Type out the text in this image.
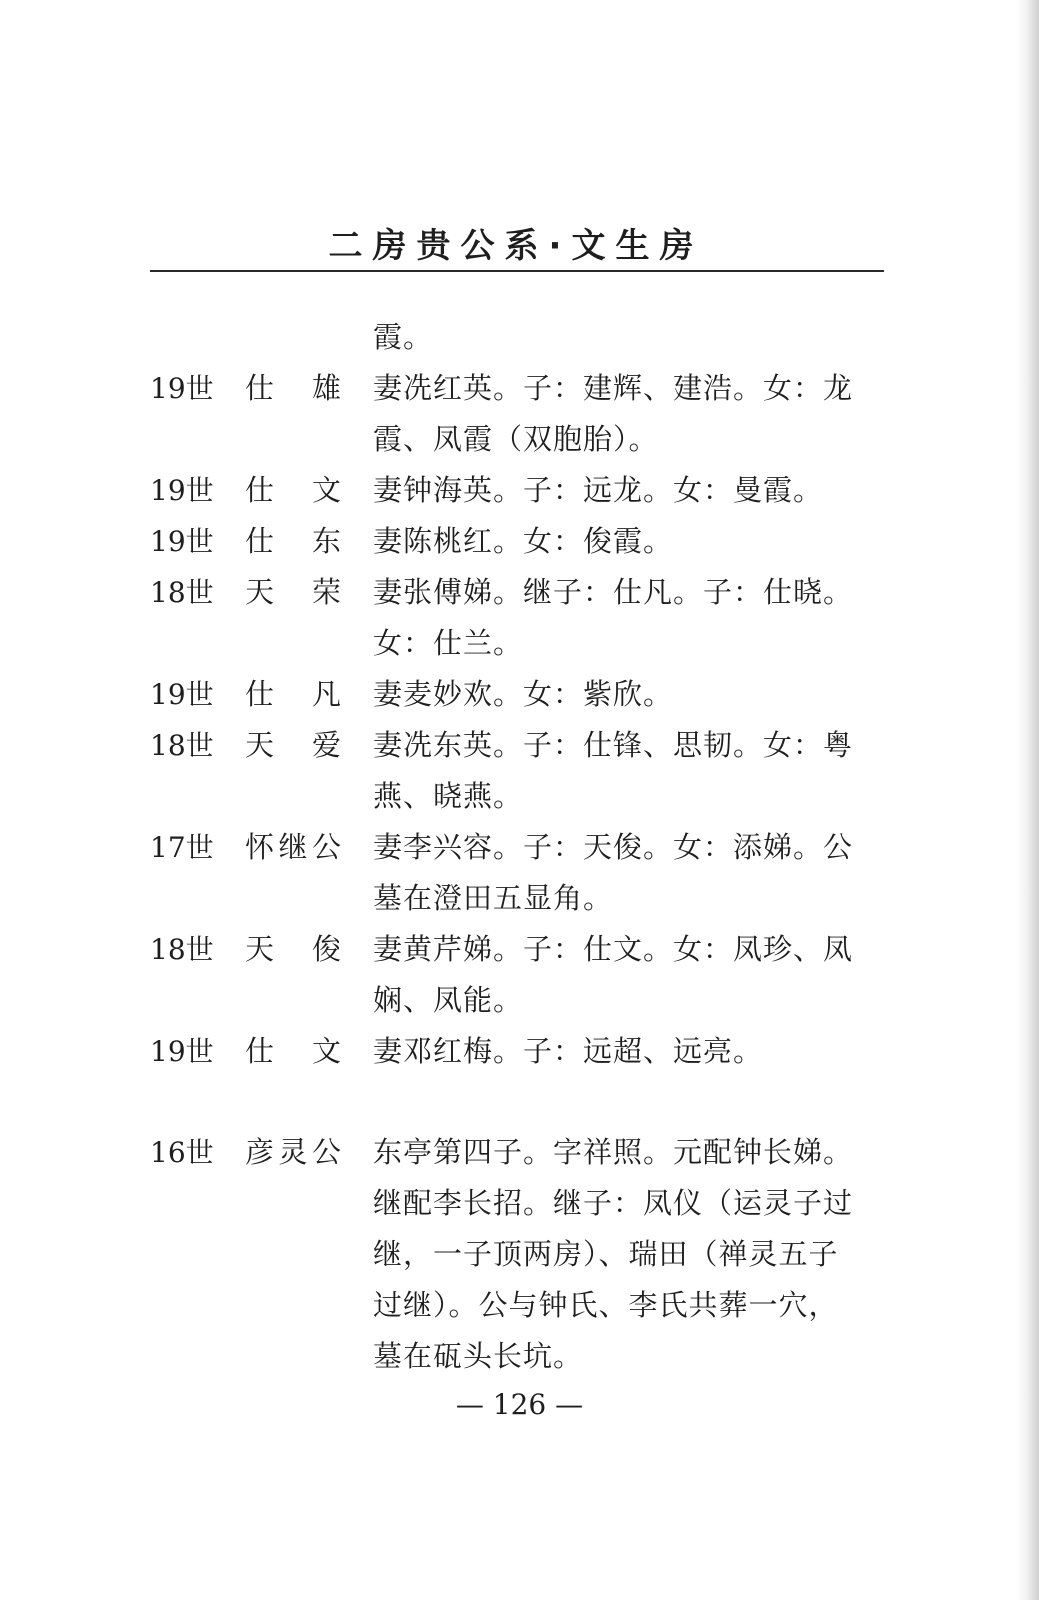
二房贵公系·文生房
霞。
19世	仕 雄 妻冼红英。子：建辉、建浩。女：龙
霞、凤霞（双胞胎）。
19世	仕 文 妻钟海英。子：远龙。女：曼霞。
19世	仕 东 妻陈桃红。女：俊霞。
18世	天 荣 妻张傅娣。继子：仕凡。子：仕晓。
女：仕兰。
19世	仕 凡 妻麦妙欢。女：紫欣。
18世	天 爱 妻冼东英。子：仕锋、思韧。女：粤
燕、晓燕。
17世	怀 继 公 妻李兴容。子：天俊。女：添娣。公
墓在澄田五显角。
18世	天 俊 妻黄芹娣。子：仕文。女：凤珍、凤
娴、凤能。
19世	仕 文 妻邓红梅。子：远超、远亮。
16世	彦 灵 公 东亭第四子。字祥照。元配钟长娣。
继配李长招。继子：凤仪（运灵子过
继，一子顶两房）、瑞田（禅灵五子
过继）。公与钟氏、李氏共葬一穴，
墓在砙头长坑。
— 126 —
